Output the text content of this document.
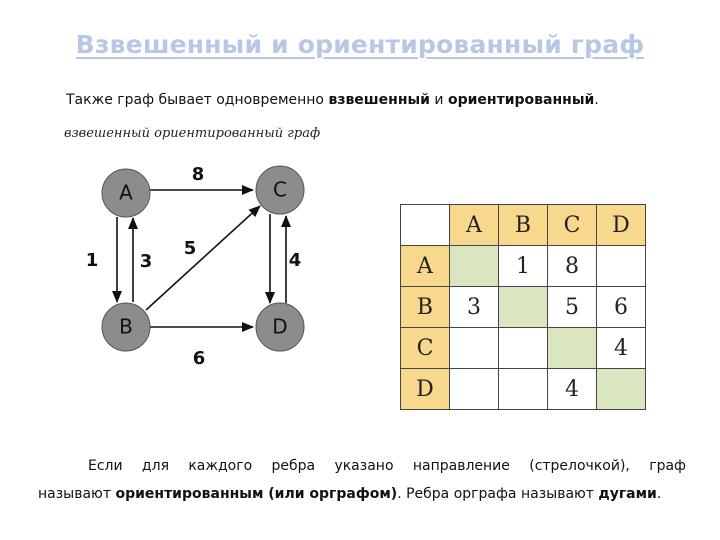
Взвешенный и ориентированный граф
Также граф бывает одновременно взвешенный и ориентированный.
взвешенный ориентированный граф
A	C
B	D
8
1 3
5
6
4
	A	B	C	D
A		1	8	
B	3		5	6
C				4
D			4	
Если для каждого ребра указано направление (стрелочкой), граф
называют ориентированным (или орграфом). Ребра орграфа называют дугами.
